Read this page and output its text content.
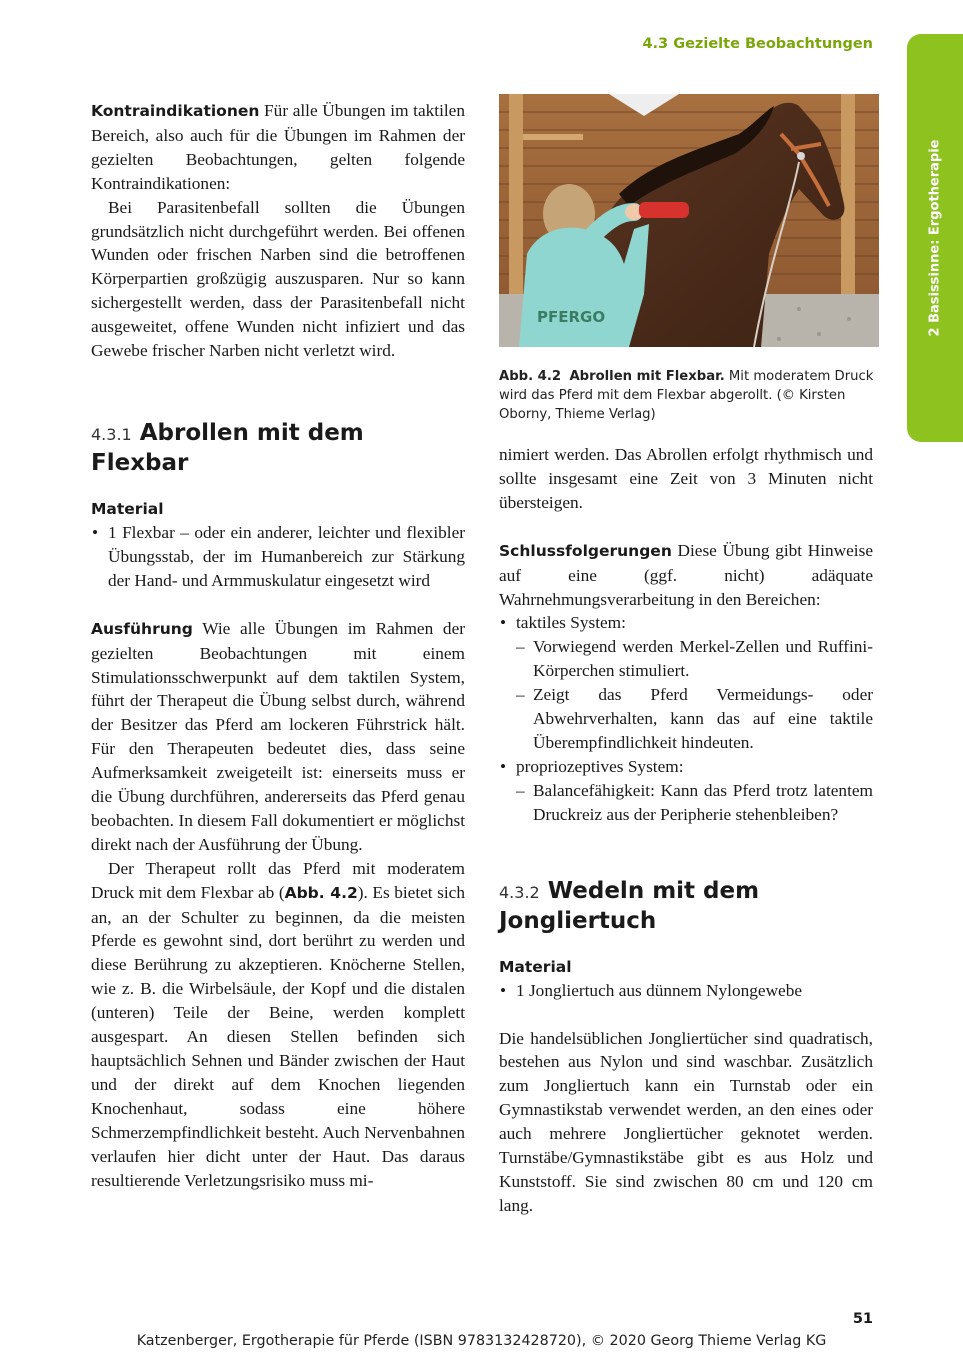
4.3 Gezielte Beobachtungen
2 Basissinne: Ergotherapie

Kontraindikationen Für alle Übungen im taktilen Bereich, also auch für die Übungen im Rahmen der gezielten Beobachtungen, gelten folgende Kontraindikationen:

Bei Parasitenbefall sollten die Übungen grundsätzlich nicht durchgeführt werden. Bei offenen Wunden oder frischen Narben sind die betroffenen Körperpartien großzügig auszusparen. Nur so kann sichergestellt werden, dass der Parasitenbefall nicht ausgeweitet, offene Wunden nicht infiziert und das Gewebe frischer Narben nicht verletzt wird.

4.3.1 Abrollen mit dem Flexbar
Material
• 1 Flexbar – oder ein anderer, leichter und flexibler Übungsstab, der im Humanbereich zur Stärkung der Hand- und Armmuskulatur eingesetzt wird

Ausführung Wie alle Übungen im Rahmen der gezielten Beobachtungen mit einem Stimulationsschwerpunkt auf dem taktilen System, führt der Therapeut die Übung selbst durch, während der Besitzer das Pferd am lockeren Führstrick hält. Für den Therapeuten bedeutet dies, dass seine Aufmerksamkeit zweigeteilt ist: einerseits muss er die Übung durchführen, andererseits das Pferd genau beobachten. In diesem Fall dokumentiert er möglichst direkt nach der Ausführung der Übung.

Der Therapeut rollt das Pferd mit moderatem Druck mit dem Flexbar ab (Abb. 4.2). Es bietet sich an, an der Schulter zu beginnen, da die meisten Pferde es gewohnt sind, dort berührt zu werden und diese Berührung zu akzeptieren. Knöcherne Stellen, wie z. B. die Wirbelsäule, der Kopf und die distalen (unteren) Teile der Beine, werden komplett ausgespart. An diesen Stellen befinden sich hauptsächlich Sehnen und Bänder zwischen der Haut und der direkt auf dem Knochen liegenden Knochenhaut, sodass eine höhere Schmerzempfindlichkeit besteht. Auch Nervenbahnen verlaufen hier dicht unter der Haut. Das daraus resultierende Verletzungsrisiko muss mi-

PFERGO
Abb. 4.2 Abrollen mit Flexbar. Mit moderatem Druck wird das Pferd mit dem Flexbar abgerollt. (© Kirsten Oborny, Thieme Verlag)

nimiert werden. Das Abrollen erfolgt rhythmisch und sollte insgesamt eine Zeit von 3 Minuten nicht übersteigen.

Schlussfolgerungen Diese Übung gibt Hinweise auf eine (ggf. nicht) adäquate Wahrnehmungsverarbeitung in den Bereichen:

• taktiles System:
– Vorwiegend werden Merkel-Zellen und Ruffini-Körperchen stimuliert.
– Zeigt das Pferd Vermeidungs- oder Abwehrverhalten, kann das auf eine taktile Überempfindlichkeit hindeuten.
• propriozeptives System:
– Balancefähigkeit: Kann das Pferd trotz latentem Druckreiz aus der Peripherie stehenbleiben?
4.3.2 Wedeln mit dem Jongliertuch
Material
• 1 Jongliertuch aus dünnem Nylongewebe

Die handelsüblichen Jongliertücher sind quadratisch, bestehen aus Nylon und sind waschbar. Zusätzlich zum Jongliertuch kann ein Turnstab oder ein Gymnastikstab verwendet werden, an den eines oder auch mehrere Jongliertücher geknotet werden. Turnstäbe/Gymnastikstäbe gibt es aus Holz und Kunststoff. Sie sind zwischen 80 cm und 120 cm lang.

51
Katzenberger, Ergotherapie für Pferde (ISBN 9783132428720), © 2020 Georg Thieme Verlag KG
